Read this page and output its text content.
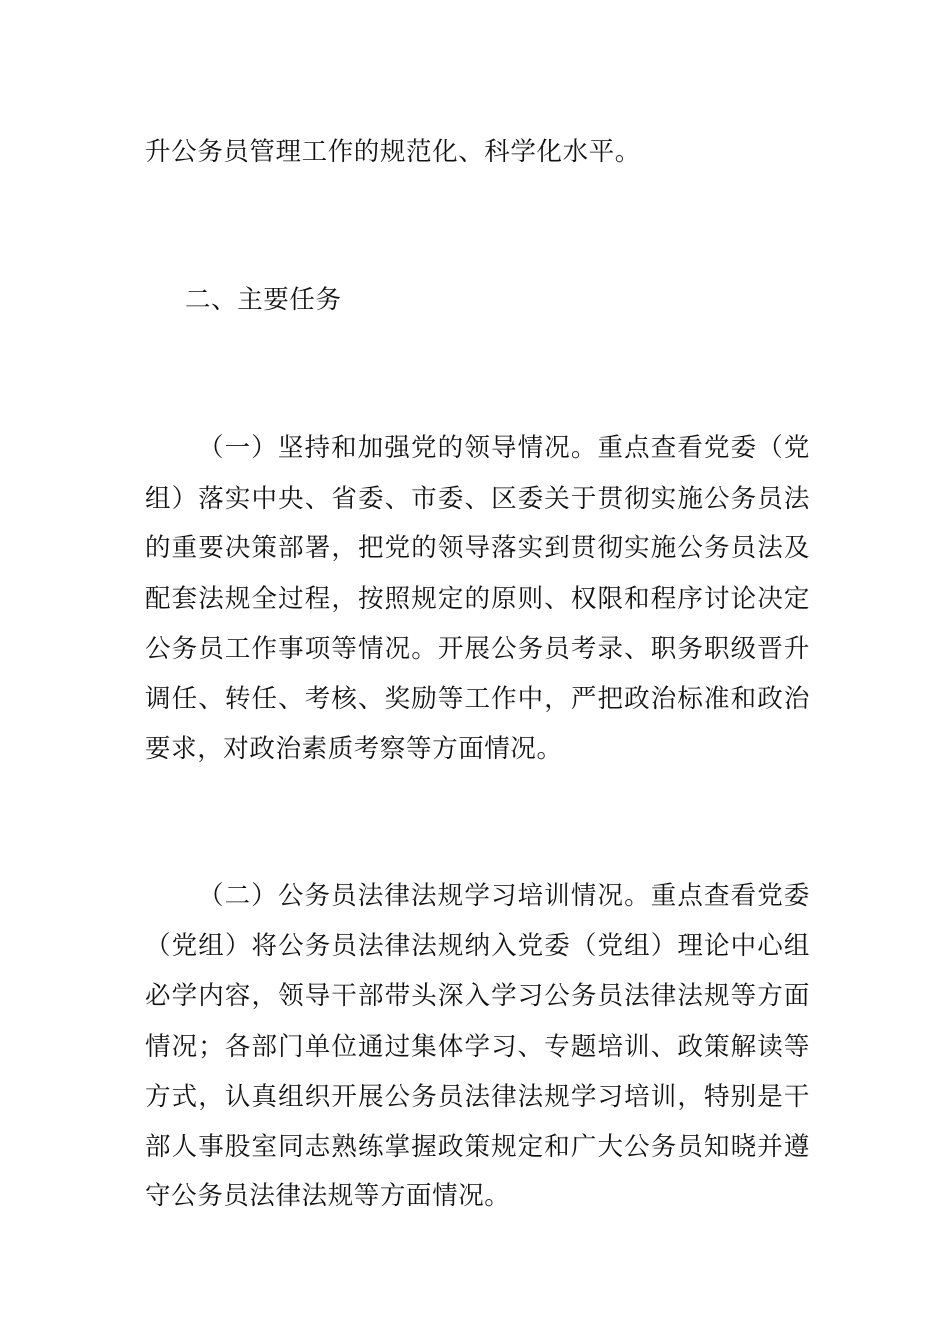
升公务员管理工作的规范化、科学化水平。
二、主要任务
（一）坚持和加强党的领导情况。重点查看党委（党
组）落实中央、省委、市委、区委关于贯彻实施公务员法
的重要决策部署，把党的领导落实到贯彻实施公务员法及
配套法规全过程，按照规定的原则、权限和程序讨论决定
公务员工作事项等情况。开展公务员考录、职务职级晋升
调任、转任、考核、奖励等工作中，严把政治标准和政治
要求，对政治素质考察等方面情况。
（二）公务员法律法规学习培训情况。重点查看党委
（党组）将公务员法律法规纳入党委（党组）理论中心组
必学内容，领导干部带头深入学习公务员法律法规等方面
情况；各部门单位通过集体学习、专题培训、政策解读等
方式，认真组织开展公务员法律法规学习培训，特别是干
部人事股室同志熟练掌握政策规定和广大公务员知晓并遵
守公务员法律法规等方面情况。
